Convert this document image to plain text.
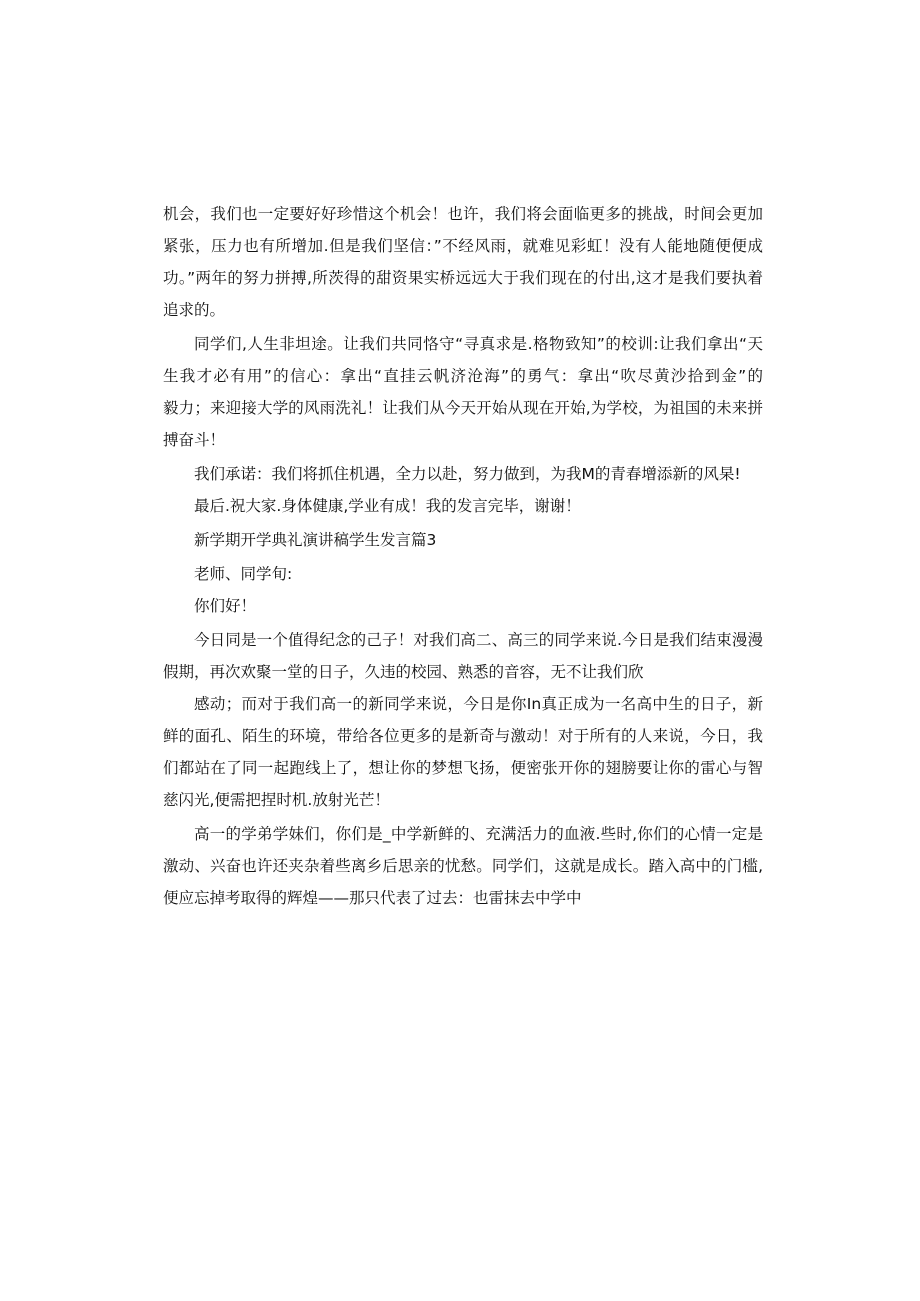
机会，我们也一定要好好珍惜这个机会！也许，我们将会面临更多的挑战，时间会更加
紧张，压力也有所增加.但是我们坚信：”不经风雨，就难见彩虹！没有人能地随便便成
功。”两年的努力拼搏,所茨得的甜资果实桥远远大于我们现在的付出,这才是我们要执着
追求的。
同学们,人生非坦途。让我们共同恪守“寻真求是.格物致知”的校训:让我们拿出“天
生我才必有用”的信心：拿出“直挂云帆济沧海”的勇气：拿出“吹尽黄沙拾到金”的
毅力；来迎接大学的风雨洗礼！让我们从今天开始从现在开始,为学校，为祖国的未来拼
搏奋斗！
我们承诺：我们将抓住机遇，全力以赴，努力做到，为我M的青春增添新的风杲!
最后.祝大家.身体健康,学业有成！我的发言完毕，谢谢！
新学期开学典礼演讲稿学生发言篇3
老师、同学旬:
你们好！
今日同是一个值得纪念的己子！对我们高二、高三的同学来说.今日是我们结束漫漫
假期，再次欢聚一堂的日子，久违的校园、熟悉的音容，无不让我们欣
感动；而对于我们高一的新同学来说，今日是你In真正成为一名高中生的日子，新
鲜的面孔、陌生的环境，带给各位更多的是新奇与激动！对于所有的人来说，今日，我
们都站在了同一起跑线上了，想让你的梦想飞扬，便密张开你的翅膀要让你的雷心与智
慈闪光,便需把捏时机.放射光芒！
高一的学弟学妹们，你们是_中学新鲜的、充满活力的血液.些时,你们的心情一定是
激动、兴奋也许还夹杂着些离乡后思亲的忧愁。同学们，这就是成长。踏入高中的门槛,
便应忘掉考取得的辉煌——那只代表了过去：也雷抹去中学中
